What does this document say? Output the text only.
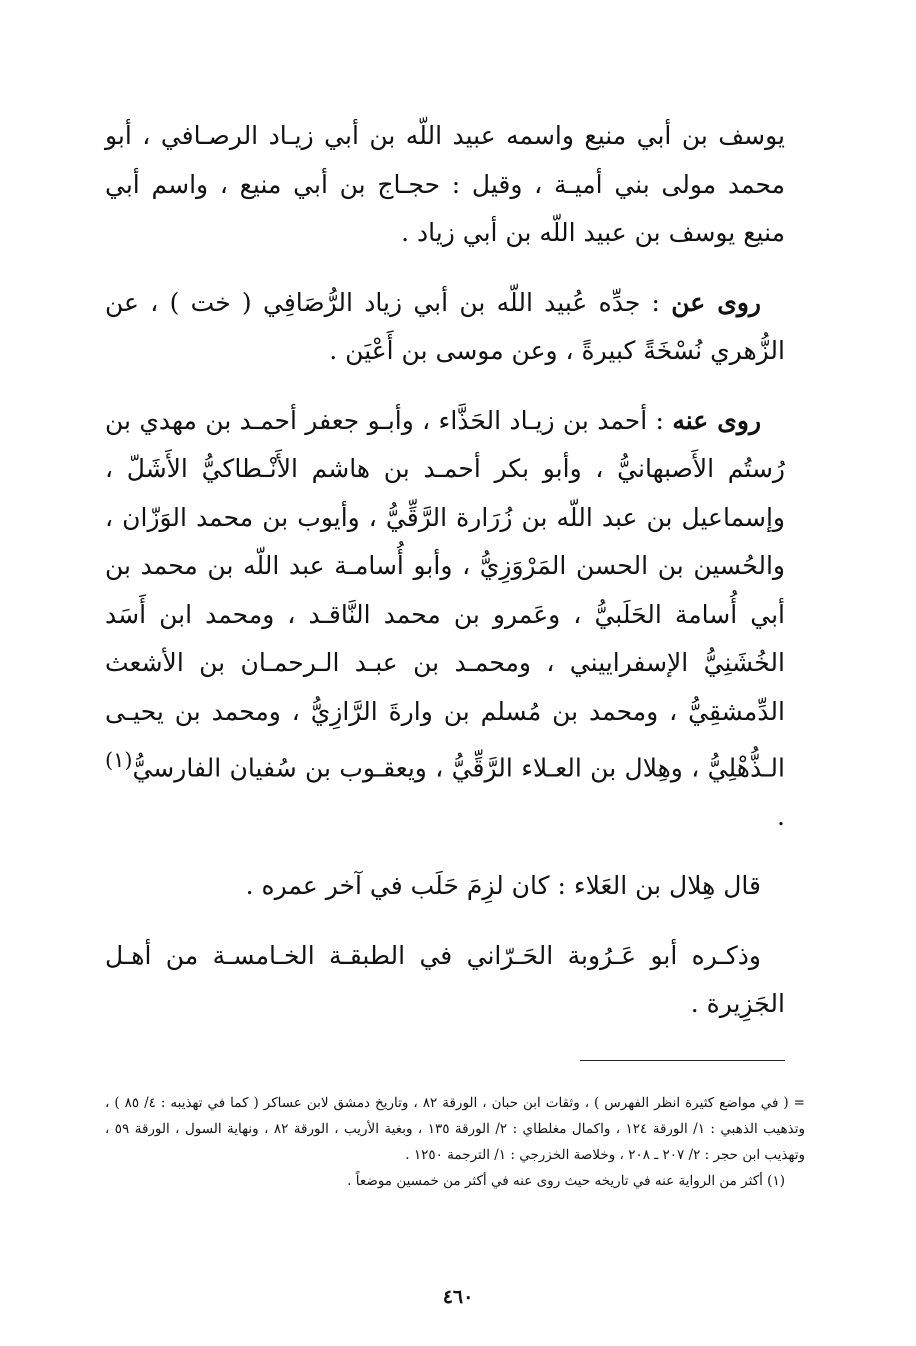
يوسف بن أبي منيع واسمه عبيد اللّه بن أبي زيـاد الرصـافي ، أبو محمد مولى بني أميـة ، وقيل : حجـاج بن أبي منيع ، واسم أبي منيع يوسف بن عبيد اللّه بن أبي زياد .

روى عن : جدِّه عُبيد اللّه بن أبي زياد الرُّصَافِي ( خت ) ، عن الزُّهري نُسْخَةً كبيرةً ، وعن موسى بن أَعْيَن .

روى عنه : أحمد بن زيـاد الحَذَّاء ، وأبـو جعفر أحمـد بن مهدي بن رُستُم الأَصبهانيُّ ، وأبو بكر أحمـد بن هاشم الأَنْـطاكيُّ الأَشَلّ ، وإسماعيل بن عبد اللّه بن زُرَارة الرَّقِّيُّ ، وأيوب بن محمد الوَزّان ، والحُسين بن الحسن المَرْوَزِيُّ ، وأبو أُسامـة عبد اللّه بن محمد بن أبي أُسامة الحَلَبيُّ ، وعَمرو بن محمد النَّاقـد ، ومحمد ابن أَسَد الخُشَنِيُّ الإسفراييني ، ومحمـد بن عبـد الـرحمـان بن الأشعث الدِّمشقِيُّ ، ومحمد بن مُسلم بن وارةَ الرَّازِيُّ ، ومحمد بن يحيـى الـذُّهْلِيُّ ، وهِلال بن العـلاء الرَّقِّيُّ ، ويعقـوب بن سُفيان الفارسيُّ$^{(١)}$ .

قال هِلال بن العَلاء : كان لزِمَ حَلَب في آخر عمره .

وذكـره أبو عَـرُوبة الحَـرّاني في الطبقـة الخـامسـة من أهـل الجَزِيرة .

= ( في مواضع كثيرة انظر الفهرس ) ، وثقات ابن حبان ، الورقة ٨٢ ، وتاريخ دمشق لابن عساكر ( كما في تهذيبه : ٤/ ٨٥ ) ، وتذهيب الذهبي : ١/ الورقة ١٢٤ ، واكمال مغلطاي : ٢/ الورقة ١٣٥ ، وبغية الأريب ، الورقة ٨٢ ، ونهاية السول ، الورقة ٥٩ ، وتهذيب ابن حجر : ٢/ ٢٠٧ ـ ٢٠٨ ، وخلاصة الخزرجي : ١/ الترجمة ١٢٥٠ .

(١) أكثر من الرواية عنه في تاريخه حيث روى عنه في أكثر من خمسين موضعاً .

٤٦٠
